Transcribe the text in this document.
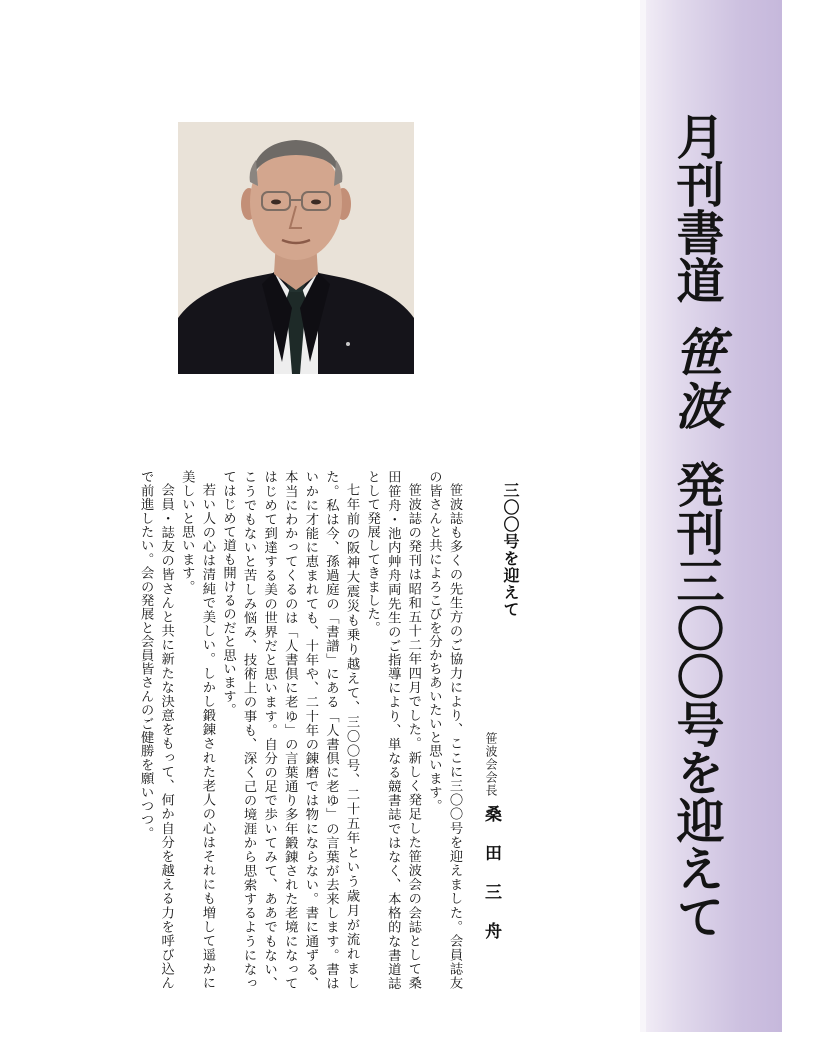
月刊書道笹波発刊三〇〇号を迎えて
三〇〇号を迎えて
笹波会会長桑田三舟

笹波誌も多くの先生方のご協力により、ここに三〇〇号を迎えました。会員誌友の皆さんと共によろこびを分かちあいたいと思います。

笹波誌の発刊は昭和五十二年四月でした。新しく発足した笹波会の会誌として桑田笹舟・池内艸舟両先生のご指導により、単なる競書誌ではなく、本格的な書道誌として発展してきました。

七年前の阪神大震災も乗り越えて、三〇〇号、二十五年という歳月が流れました。私は今、孫過庭の「書譜」にある「人書倶に老ゆ」の言葉が去来します。書はいかに才能に恵まれても、十年や、二十年の錬磨では物にならない。書に通ずる、本当にわかってくるのは「人書倶に老ゆ」の言葉通り多年鍛錬された老境になってはじめて到達する美の世界だと思います。自分の足で歩いてみて、ああでもない、こうでもないと苦しみ悩み、技術上の事も、深く己の境涯から思索するようになってはじめて道も開けるのだと思います。

若い人の心は清純で美しい。しかし鍛錬された老人の心はそれにも増して遥かに美しいと思います。

会員・誌友の皆さんと共に新たな決意をもって、何か自分を越える力を呼び込んで前進したい。会の発展と会員皆さんのご健勝を願いつつ。
